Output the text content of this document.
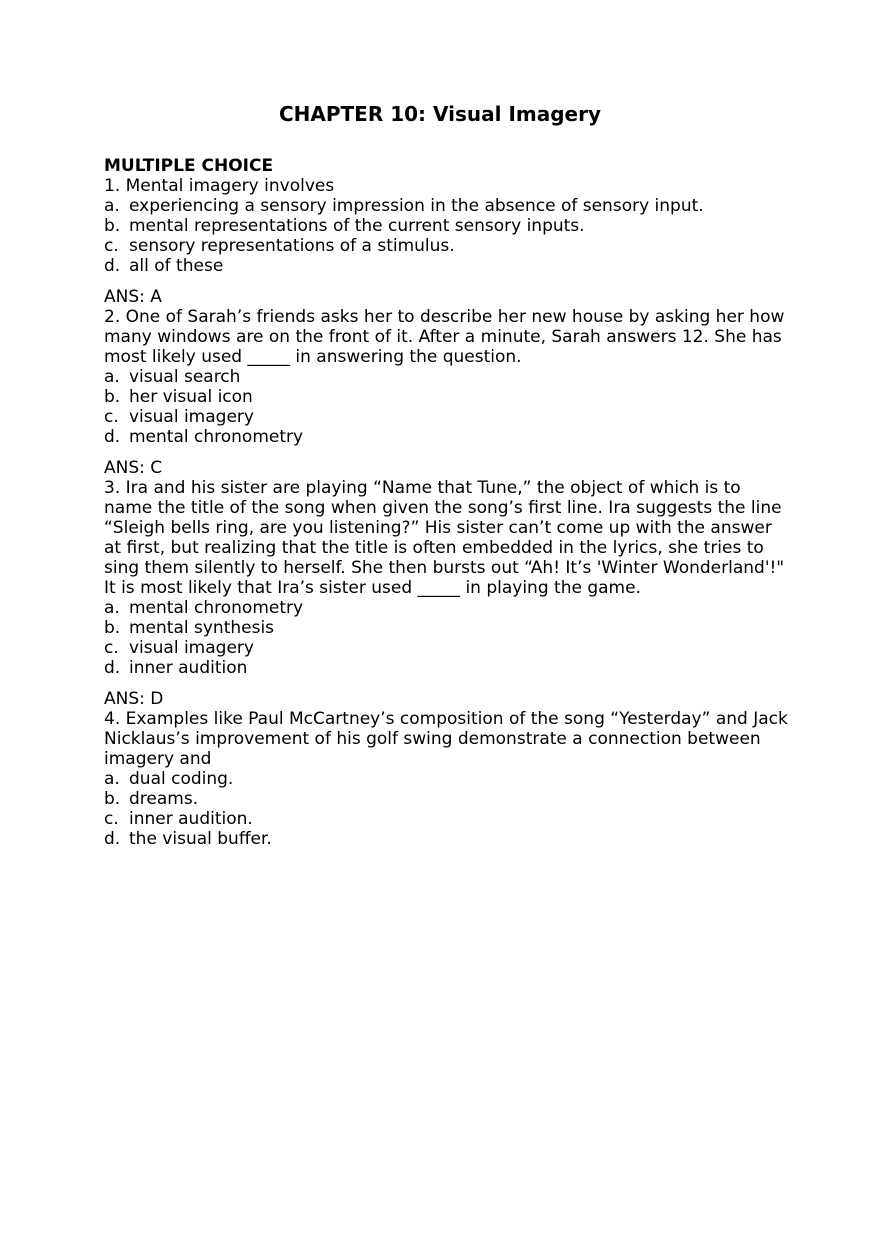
CHAPTER 10: Visual Imagery
MULTIPLE CHOICE

1. Mental imagery involves

a. experiencing a sensory impression in the absence of sensory input.
b. mental representations of the current sensory inputs.
c. sensory representations of a stimulus.
d. all of these

ANS: A

2. One of Sarah’s friends asks her to describe her new house by asking her how many windows are on the front of it. After a minute, Sarah answers 12. She has most likely used _____ in answering the question.

a. visual search
b. her visual icon
c. visual imagery
d. mental chronometry

ANS: C

3. Ira and his sister are playing “Name that Tune,” the object of which is to name the title of the song when given the song’s first line. Ira suggests the line “Sleigh bells ring, are you listening?” His sister can’t come up with the answer at first, but realizing that the title is often embedded in the lyrics, she tries to sing them silently to herself. She then bursts out “Ah! It’s 'Winter Wonderland'!"  It is most likely that Ira’s sister used _____ in playing the game.

a. mental chronometry
b. mental synthesis
c. visual imagery
d. inner audition

ANS: D

4. Examples like Paul McCartney’s composition of the song “Yesterday” and Jack Nicklaus’s improvement of his golf swing demonstrate a connection between imagery and

a. dual coding.
b. dreams.
c. inner audition.
d. the visual buffer.
